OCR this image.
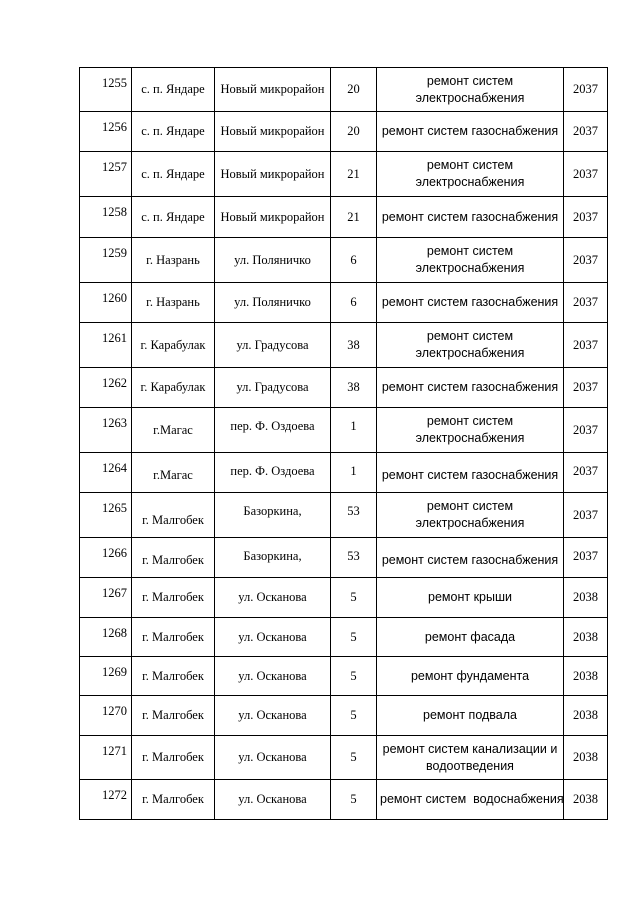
1255	с. п. Яндаре	Новый микрорайон	20	ремонт систем электроснабжения	2037
1256	с. п. Яндаре	Новый микрорайон	20	ремонт систем газоснабжения	2037
1257	с. п. Яндаре	Новый микрорайон	21	ремонт систем электроснабжения	2037
1258	с. п. Яндаре	Новый микрорайон	21	ремонт систем газоснабжения	2037
1259	г. Назрань	ул. Поляничко	6	ремонт систем электроснабжения	2037
1260	г. Назрань	ул. Поляничко	6	ремонт систем газоснабжения	2037
1261	г. Карабулак	ул. Градусова	38	ремонт систем электроснабжения	2037
1262	г. Карабулак	ул. Градусова	38	ремонт систем газоснабжения	2037
1263	г.Магас	пер. Ф. Оздоева	1	ремонт систем электроснабжения	2037
1264	г.Магас	пер. Ф. Оздоева	1	ремонт систем газоснабжения	2037
1265	г. Малгобек	Базоркина,	53	ремонт систем электроснабжения	2037
1266	г. Малгобек	Базоркина,	53	ремонт систем газоснабжения	2037
1267	г. Малгобек	ул. Осканова	5	ремонт крыши	2038
1268	г. Малгобек	ул. Осканова	5	ремонт фасада	2038
1269	г. Малгобек	ул. Осканова	5	ремонт фундамента	2038
1270	г. Малгобек	ул. Осканова	5	ремонт подвала	2038
1271	г. Малгобек	ул. Осканова	5	ремонт систем канализации и водоотведения	2038
1272	г. Малгобек	ул. Осканова	5	ремонт систем  водоснабжения	2038
